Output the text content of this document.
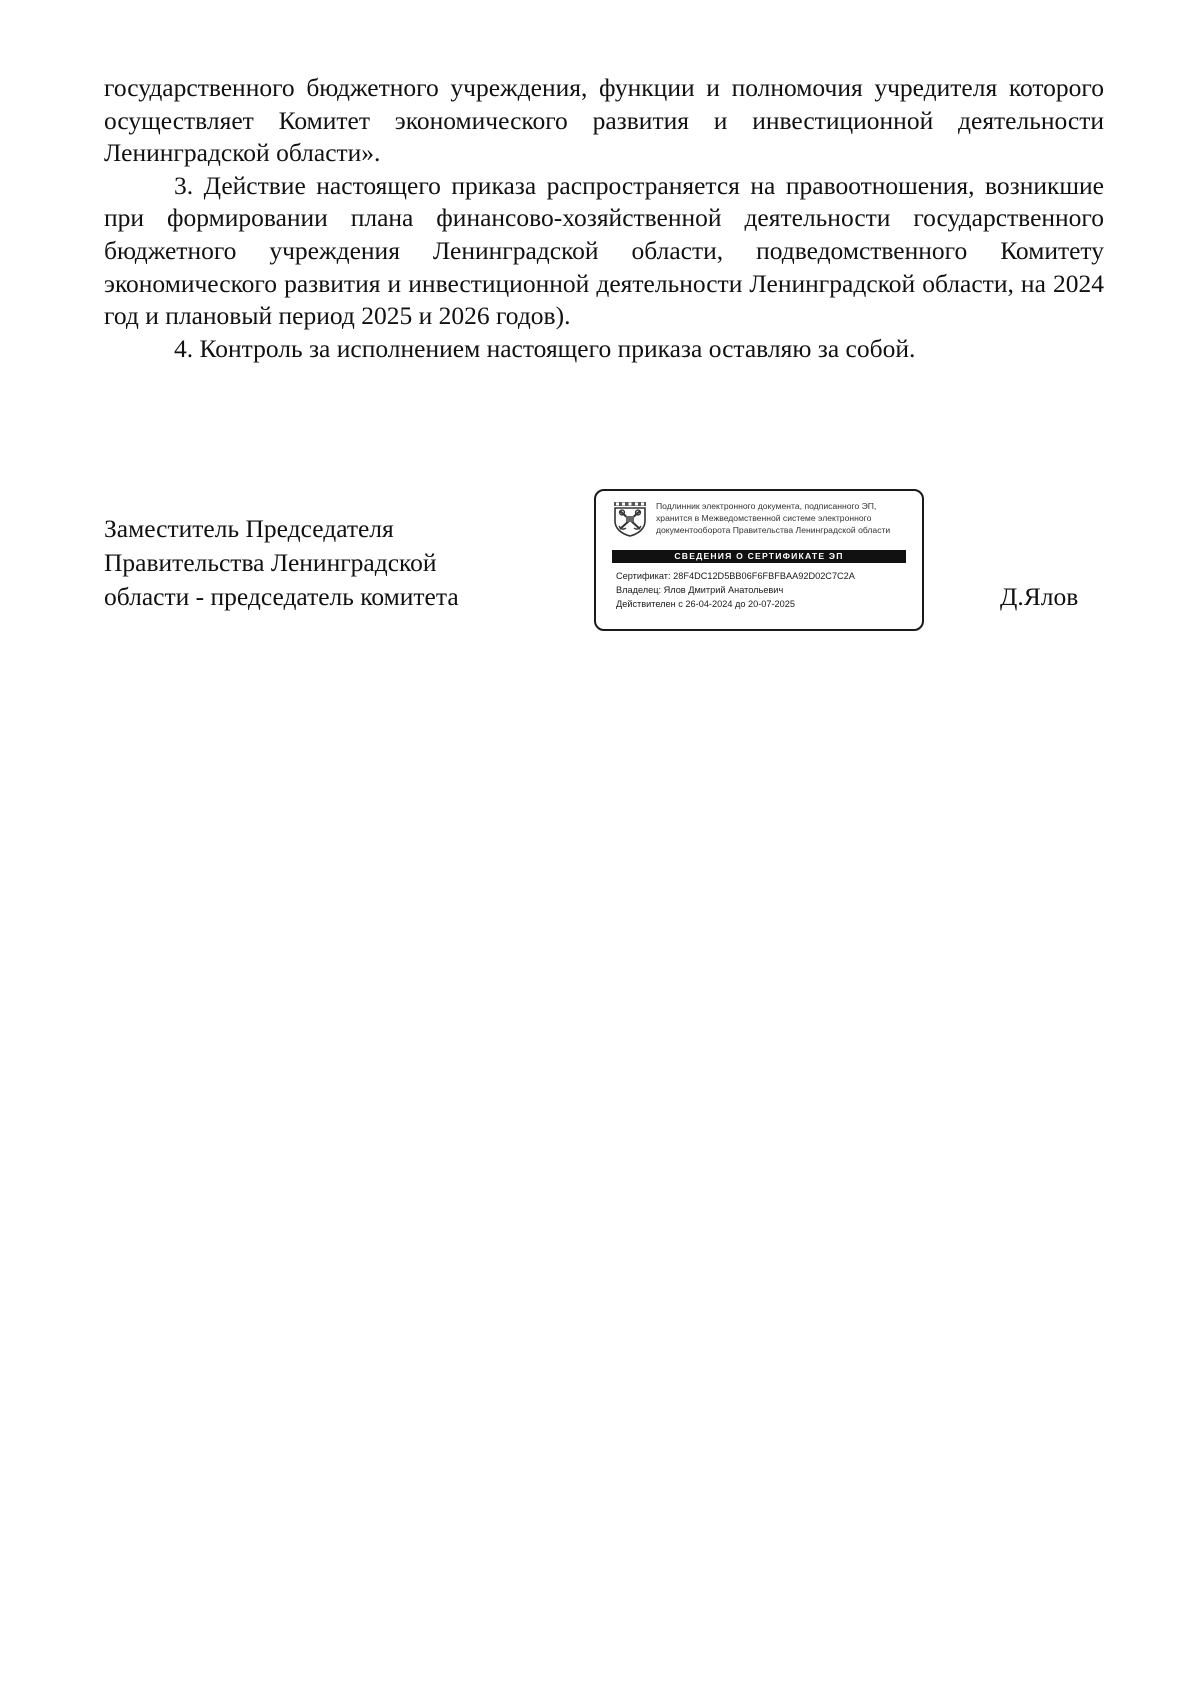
государственного бюджетного учреждения, функции и полномочия учредителя которого осуществляет Комитет экономического развития и инвестиционной деятельности Ленинградской области».

3. Действие настоящего приказа распространяется на правоотношения, возникшие при формировании плана финансово-хозяйственной деятельности государственного бюджетного учреждения Ленинградской области, подведомственного Комитету экономического развития и инвестиционной деятельности Ленинградской области, на 2024 год и плановый период 2025 и 2026 годов).

4. Контроль за исполнением настоящего приказа оставляю за собой.

Заместитель Председателя
Правительства Ленинградской
области - председатель комитета
Подлинник электронного документа, подписанного ЭП,
хранится в Межведомственной системе электронного
документооборота Правительства Ленинградской области
СВЕДЕНИЯ О СЕРТИФИКАТЕ ЭП
Сертификат: 28F4DC12D5BB06F6FBFBAA92D02C7C2A
Владелец: Ялов Дмитрий Анатольевич
Действителен с 26-04-2024 до 20-07-2025	Д.Ялов
